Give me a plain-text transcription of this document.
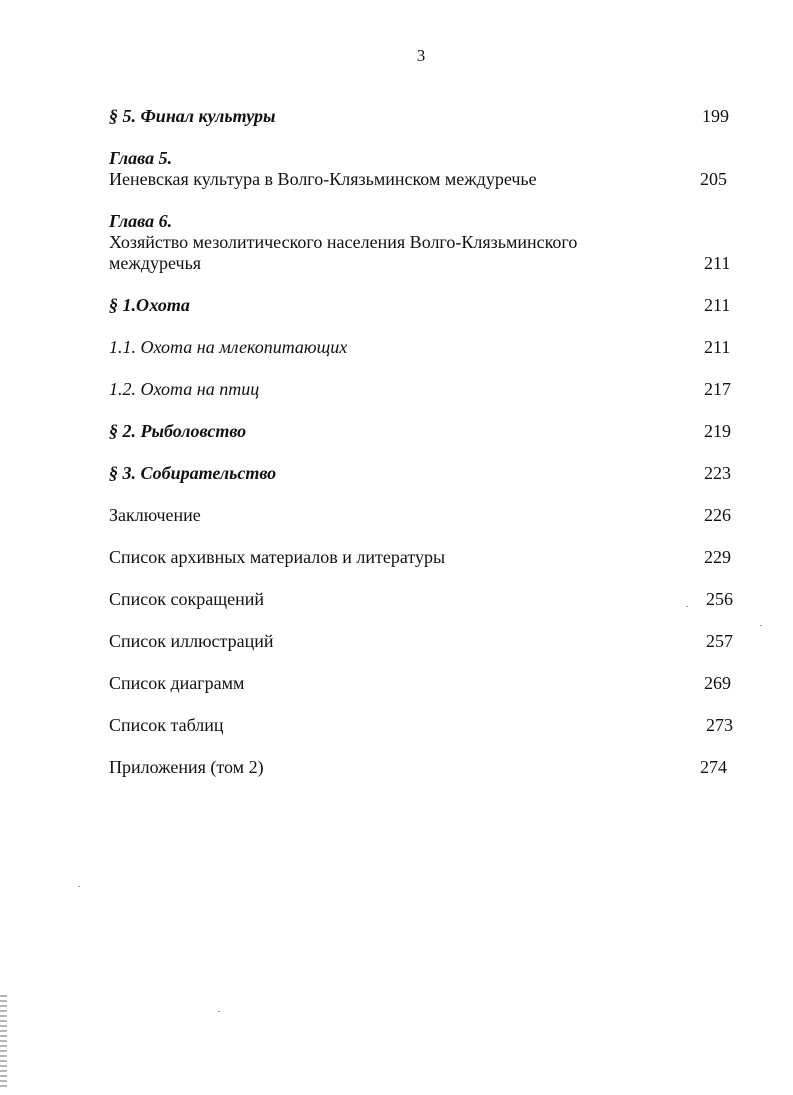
3
§ 5. Финал культуры	199
Глава 5.
Иеневская культура в Волго-Клязьминском междуречье	205
Глава 6.
Хозяйство мезолитического населения Волго-Клязьминского
междуречья	211
§ 1.Охота	211
1.1. Охота на млекопитающих	211
1.2. Охота на птиц	217
§ 2. Рыболовство	219
§ 3. Собирательство	223
Заключение	226
Список архивных материалов и литературы	229
Список сокращений	256
Список иллюстраций	257
Список диаграмм	269
Список таблиц	273
Приложения (том 2)	274
